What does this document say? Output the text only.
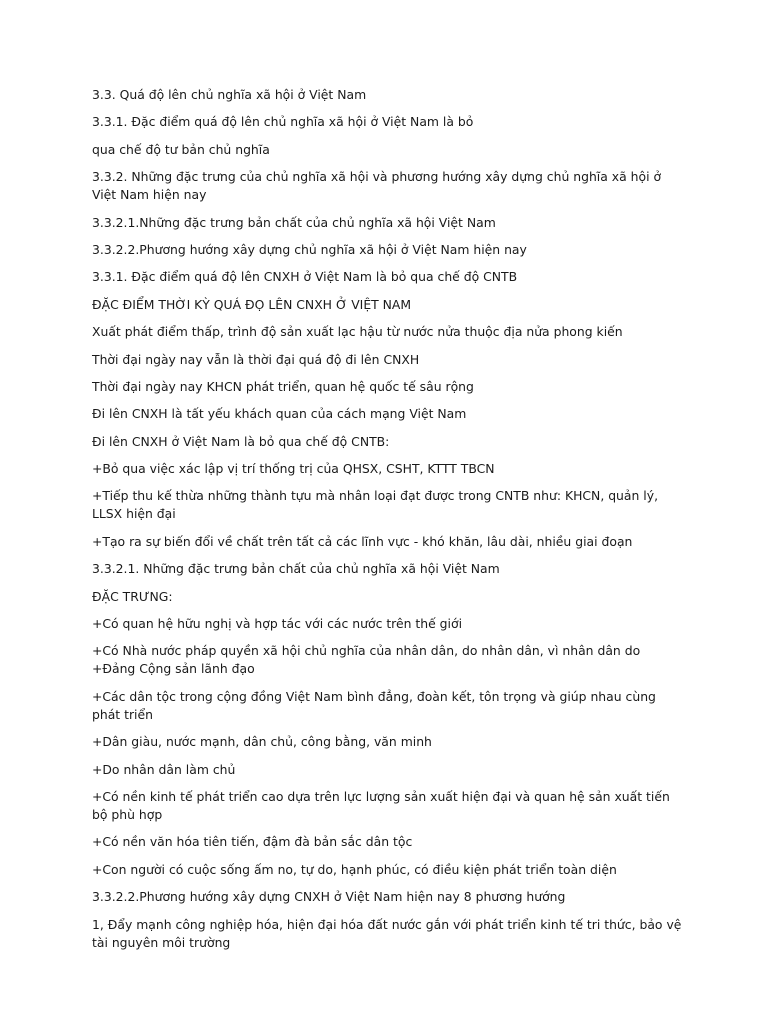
3.3. Quá độ lên chủ nghĩa xã hội ở Việt Nam

3.3.1. Đặc điểm quá độ lên chủ nghĩa xã hội ở Việt Nam là bỏ

qua chế độ tư bản chủ nghĩa

3.3.2. Những đặc trưng của chủ nghĩa xã hội và phương hướng xây dựng chủ nghĩa xã hội ở Việt Nam hiện nay

3.3.2.1.Những đặc trưng bản chất của chủ nghĩa xã hội Việt Nam

3.3.2.2.Phương hướng xây dựng chủ nghĩa xã hội ở Việt Nam hiện nay

3.3.1. Đặc điểm quá độ lên CNXH ở Việt Nam là bỏ qua chế độ CNTB

ĐẶC ĐIỂM THỜI KỲ QUÁ ĐỌ LÊN CNXH Ở VIỆT NAM

Xuất phát điểm thấp, trình độ sản xuất lạc hậu từ nước nửa thuộc địa nửa phong kiến

Thời đại ngày nay vẫn là thời đại quá độ đi lên CNXH

Thời đại ngày nay KHCN phát triển, quan hệ quốc tế sâu rộng

Đi lên CNXH là tất yếu khách quan của cách mạng Việt Nam

Đi lên CNXH ở Việt Nam là bỏ qua chế độ CNTB:

+Bỏ qua việc xác lập vị trí thống trị của QHSX, CSHT, KTTT TBCN

+Tiếp thu kế thừa những thành tựu mà nhân loại đạt được trong CNTB như: KHCN, quản lý, LLSX hiện đại

+Tạo ra sự biến đổi về chất trên tất cả các lĩnh vực - khó khăn, lâu dài, nhiều giai đoạn

3.3.2.1. Những đặc trưng bản chất của chủ nghĩa xã hội Việt Nam

ĐẶC TRƯNG:

+Có quan hệ hữu nghị và hợp tác với các nước trên thế giới

+Có Nhà nước pháp quyền xã hội chủ nghĩa của nhân dân, do nhân dân, vì nhân dân do +Đảng Cộng sản lãnh đạo

+Các dân tộc trong cộng đồng Việt Nam bình đẳng, đoàn kết, tôn trọng và giúp nhau cùng phát triển

+Dân giàu, nước mạnh, dân chủ, công bằng, văn minh

+Do nhân dân làm chủ

+Có nền kinh tế phát triển cao dựa trên lực lượng sản xuất hiện đại và quan hệ sản xuất tiến bộ phù hợp

+Có nền văn hóa tiên tiến, đậm đà bản sắc dân tộc

+Con người có cuộc sống ấm no, tự do, hạnh phúc, có điều kiện phát triển toàn diện

3.3.2.2.Phương hướng xây dựng CNXH ở Việt Nam hiện nay 8 phương hướng

1, Đẩy mạnh công nghiệp hóa, hiện đại hóa đất nước gắn với phát triển kinh tế tri thức, bảo vệ tài nguyên môi trường
